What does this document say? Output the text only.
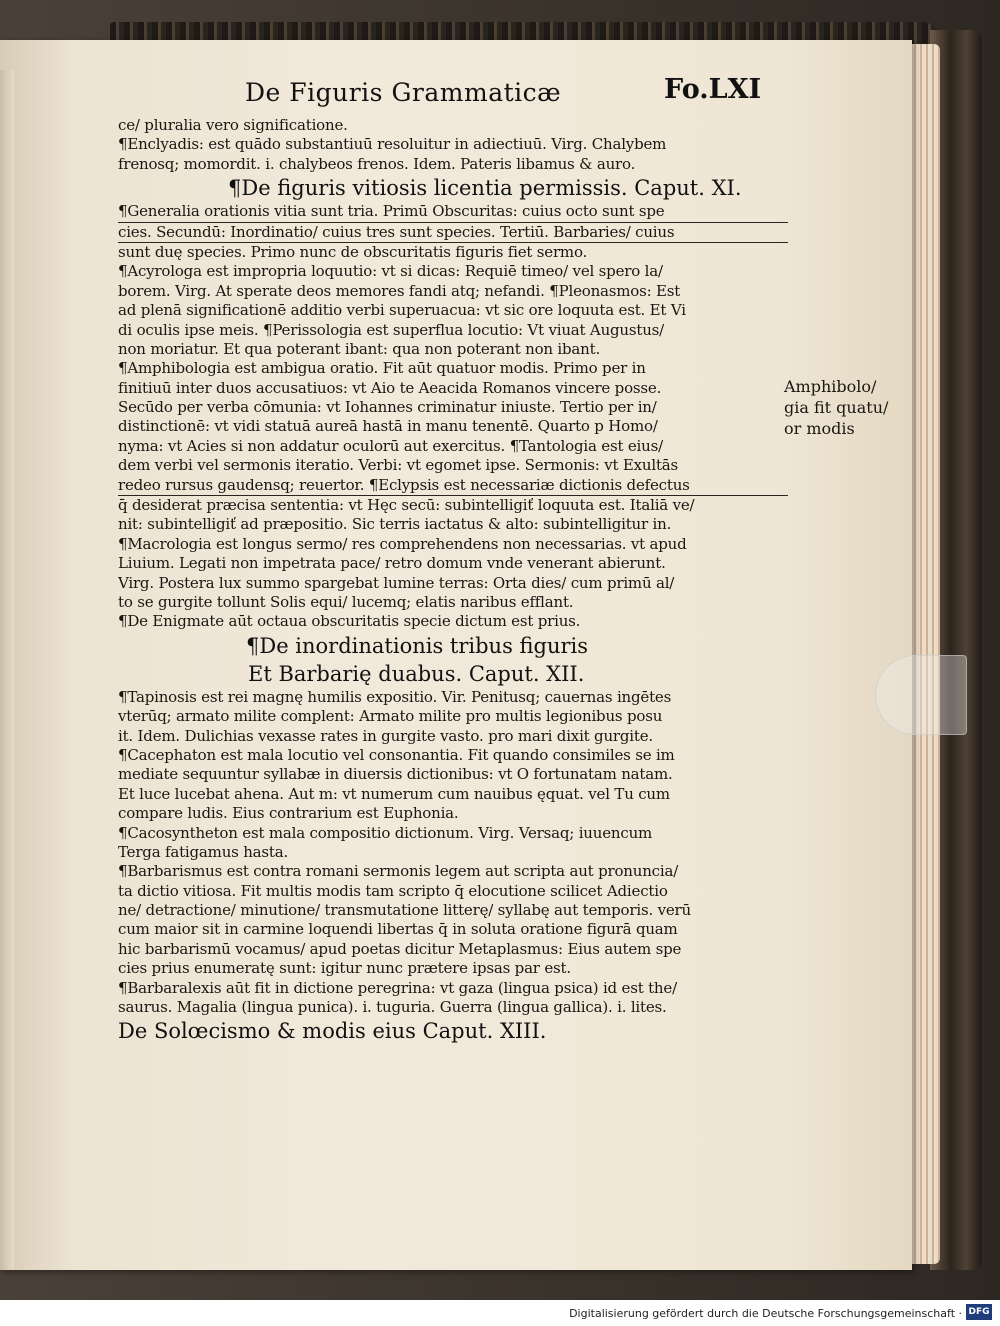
De Figuris Grammaticæ	Fo.LXI
ce/ pluralia vero significatione.
¶Enclyadis: est quādo substantiuū resoluitur in adiectiuū. Virg. Chalybem
frenosq; momordit. i. chalybeos frenos. Idem. Pateris libamus & auro.
¶De figuris vitiosis licentia permissis. Caput. XI.
¶Generalia orationis vitia sunt tria. Primū Obscuritas: cuius octo sunt spe
cies. Secundū: Inordinatio/ cuius tres sunt species. Tertiū. Barbaries/ cuius
sunt duę species. Primo nunc de obscuritatis figuris fiet sermo.
¶Acyrologa est impropria loquutio: vt si dicas: Requiē timeo/ vel spero la/
borem. Virg. At sperate deos memores fandi atq; nefandi. ¶Pleonasmos: Est
ad plenā significationē additio verbi superuacua: vt sic ore loquuta est. Et Vi
di oculis ipse meis. ¶Perissologia est superflua locutio: Vt viuat Augustus/
non moriatur. Et qua poterant ibant: qua non poterant non ibant.
¶Amphibologia est ambigua oratio. Fit aūt quatuor modis. Primo per in
finitiuū inter duos accusatiuos: vt Aio te Aeacida Romanos vincere posse.
Secūdo per verba cōmunia: vt Iohannes criminatur iniuste. Tertio per in/
distinctionē: vt vidi statuā aureā hastā in manu tenentē. Quarto p Homo/
nyma: vt Acies si non addatur oculorū aut exercitus. ¶Tantologia est eius/
dem verbi vel sermonis iteratio. Verbi: vt egomet ipse. Sermonis: vt Exultās
redeo rursus gaudensq; reuertor. ¶Eclypsis est necessariæ dictionis defectus
q̄ desiderat præcisa sententia: vt Hęc secū: subintelligiť loquuta est. Italiā ve/
nit: subintelligiť ad præpositio. Sic terris iactatus & alto: subintelligitur in.
¶Macrologia est longus sermo/ res comprehendens non necessarias. vt apud
Liuium. Legati non impetrata pace/ retro domum vnde venerant abierunt.
Virg. Postera lux summo spargebat lumine terras: Orta dies/ cum primū al/
to se gurgite tollunt Solis equi/ lucemq; elatis naribus efflant.
¶De Enigmate aūt octaua obscuritatis specie dictum est prius.
¶De inordinationis tribus figuris
Et Barbarię duabus. Caput. XII.
¶Tapinosis est rei magnę humilis expositio. Vir. Penitusq; cauernas ingētes
vterūq; armato milite complent: Armato milite pro multis legionibus posu
it. Idem. Dulichias vexasse rates in gurgite vasto. pro mari dixit gurgite.
¶Cacephaton est mala locutio vel consonantia. Fit quando consimiles se im
mediate sequuntur syllabæ in diuersis dictionibus: vt O fortunatam natam.
Et luce lucebat ahena. Aut m: vt numerum cum nauibus ęquat. vel Tu cum
compare ludis. Eius contrarium est Euphonia.
¶Cacosyntheton est mala compositio dictionum. Virg. Versaq; iuuencum
Terga fatigamus hasta.
¶Barbarismus est contra romani sermonis legem aut scripta aut pronuncia/
ta dictio vitiosa. Fit multis modis tam scripto q̄ elocutione scilicet Adiectio
ne/ detractione/ minutione/ transmutatione litterę/ syllabę aut temporis. verū
cum maior sit in carmine loquendi libertas q̄ in soluta oratione figurā quam
hic barbarismū vocamus/ apud poetas dicitur Metaplasmus: Eius autem spe
cies prius enumeratę sunt: igitur nunc prætere ipsas par est.
¶Barbaralexis aūt fit in dictione peregrina: vt gaza (lingua psica) id est the/
saurus. Magalia (lingua punica). i. tuguria. Guerra (lingua gallica). i. lites.
De Solœcismo & modis eius Caput. XIII.
Amphibolo/
gia fit quatu/
or modis
Digitalisierung gefördert durch die Deutsche Forschungsgemeinschaft · DFG
